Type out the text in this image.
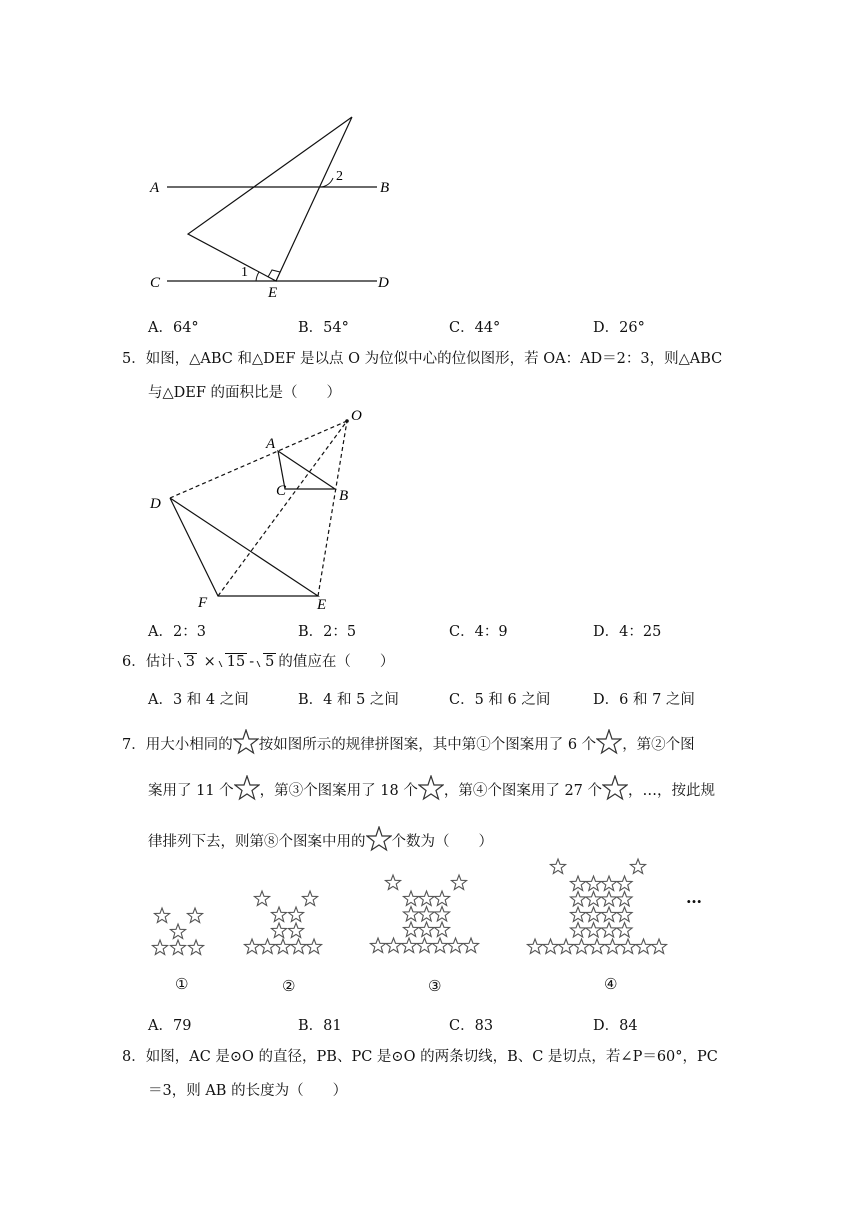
A	B
C	D
E
1
2
A．64°	B．54°	C．44°	D．26°
5．如图，△ABC 和△DEF 是以点 O 为位似中心的位似图形，若 OA：AD＝2：3，则△ABC
与△DEF 的面积比是（　　）
O
A
B
C
D
E
F
A．2：3	B．2：5	C．4：9	D．4：25
6．估计 3 × 15 - 5 的值应在（　　）
A．3 和 4 之间	B．4 和 5 之间	C．5 和 6 之间	D．6 和 7 之间
7．用大小相同的 按如图所示的规律拼图案，其中第①个图案用了 6 个 ，第②个图
案用了 11 个 ，第③个图案用了 18 个 ，第④个图案用了 27 个 ，…，按此规
律排列下去，则第⑧个图案中用的 个数为（　　）
①	②	③	④
…
A．79	B．81	C．83	D．84
8．如图，AC 是⊙O 的直径，PB、PC 是⊙O 的两条切线，B、C 是切点，若∠P＝60°，PC
＝3，则 AB 的长度为（　　）
